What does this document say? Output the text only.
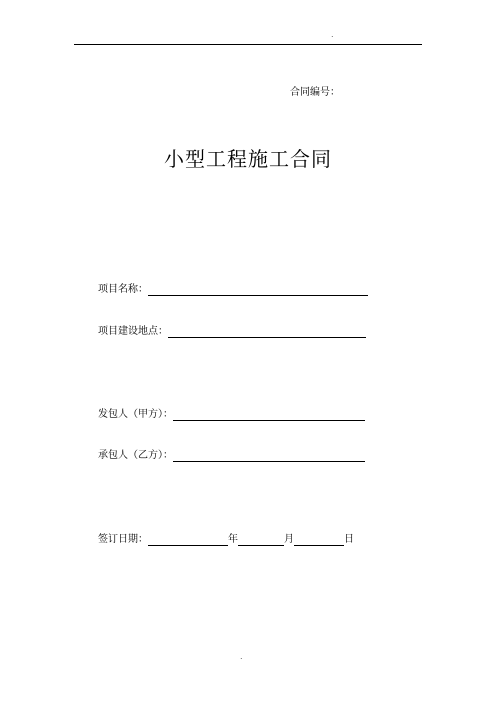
.
合同编号：
小型工程施工合同
项目名称：
项目建设地点：
发包人（甲方）：
承包人（乙方）：
签订日期：	年	月	日
.
